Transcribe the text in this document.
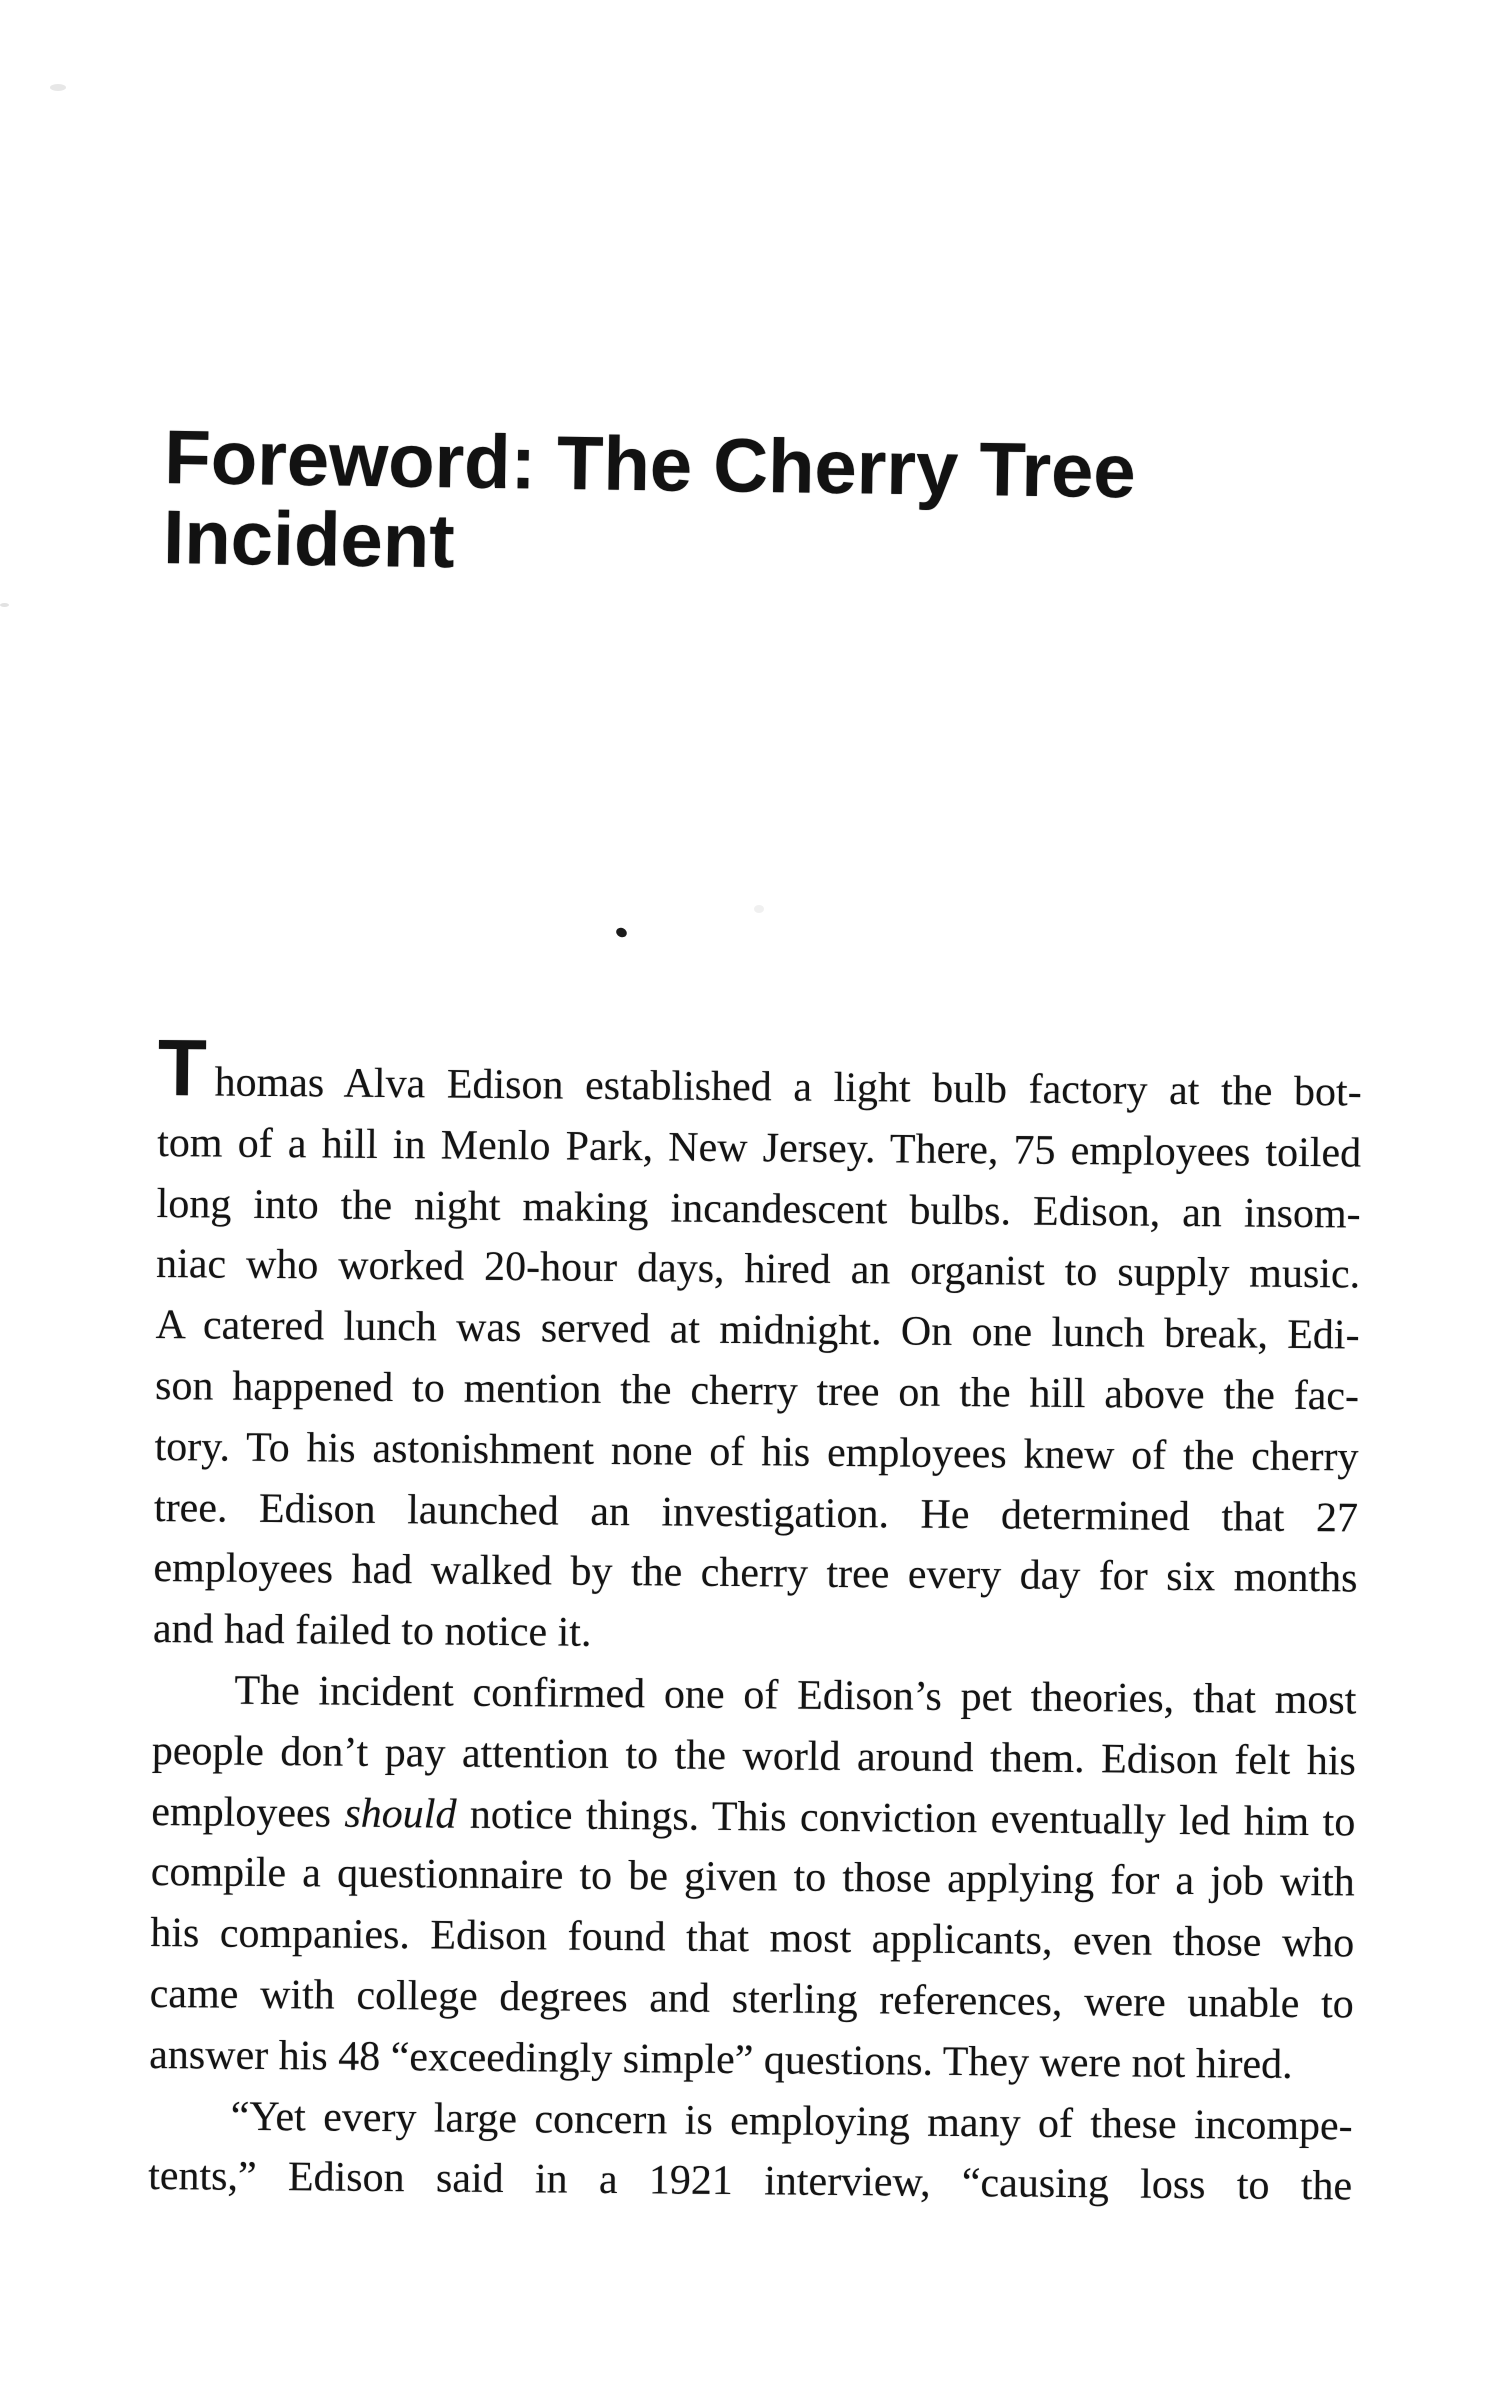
Foreword: The Cherry Tree
Incident
Thomas Alva Edison established a light bulb factory at the bot-
tom of a hill in Menlo Park, New Jersey. There, 75 employees toiled
long into the night making incandescent bulbs. Edison, an insom-
niac who worked 20-hour days, hired an organist to supply music.
A catered lunch was served at midnight. On one lunch break, Edi-
son happened to mention the cherry tree on the hill above the fac-
tory. To his astonishment none of his employees knew of the cherry
tree. Edison launched an investigation. He determined that 27
employees had walked by the cherry tree every day for six months
and had failed to notice it.
The incident confirmed one of Edison’s pet theories, that most
people don’t pay attention to the world around them. Edison felt his
employees should notice things. This conviction eventually led him to
compile a questionnaire to be given to those applying for a job with
his companies. Edison found that most applicants, even those who
came with college degrees and sterling references, were unable to
answer his 48 “exceedingly simple” questions. They were not hired.
“Yet every large concern is employing many of these incompe-
tents,” Edison said in a 1921 interview, “causing loss to the
